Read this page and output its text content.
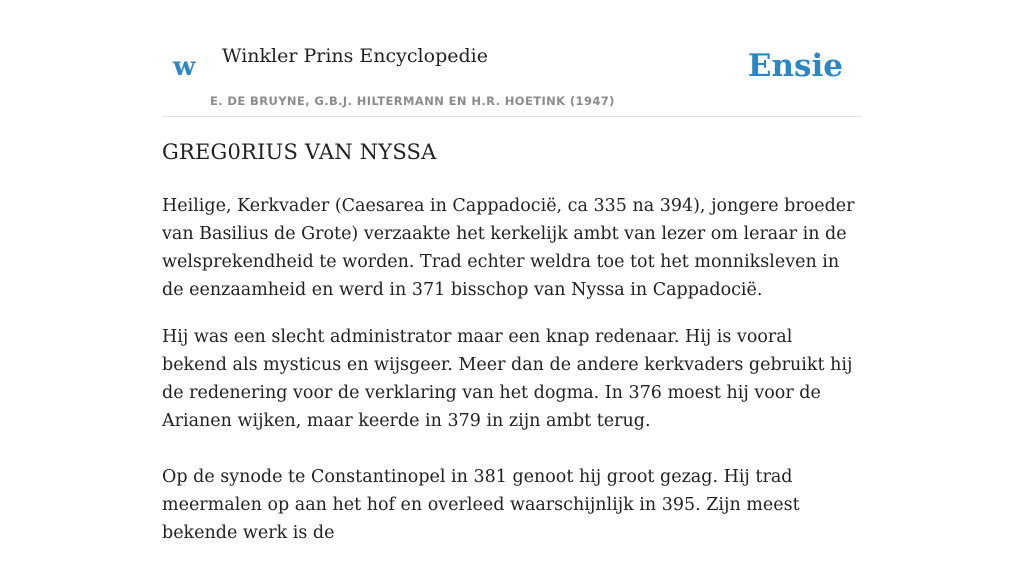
w Winkler Prins Encyclopedie
E. DE BRUYNE, G.B.J. HILTERMANN EN H.R. HOETINK (1947)
Ensie
GREG0RIUS VAN NYSSA

Heilige, Kerkvader (Caesarea in Cappadocië, ca 335 na 394), jongere broeder van Basilius de Grote) verzaakte het kerkelijk ambt van lezer om leraar in de welsprekendheid te worden. Trad echter weldra toe tot het monniksleven in de eenzaamheid en werd in 371 bisschop van Nyssa in Cappadocië.

Hij was een slecht administrator maar een knap redenaar. Hij is vooral bekend als mysticus en wijsgeer. Meer dan de andere kerkvaders gebruikt hij de redenering voor de verklaring van het dogma. In 376 moest hij voor de Arianen wijken, maar keerde in 379 in zijn ambt terug.

Op de synode te Constantinopel in 381 genoot hij groot gezag. Hij trad meermalen op aan het hof en overleed waarschijnlijk in 395. Zijn meest bekende werk is de
